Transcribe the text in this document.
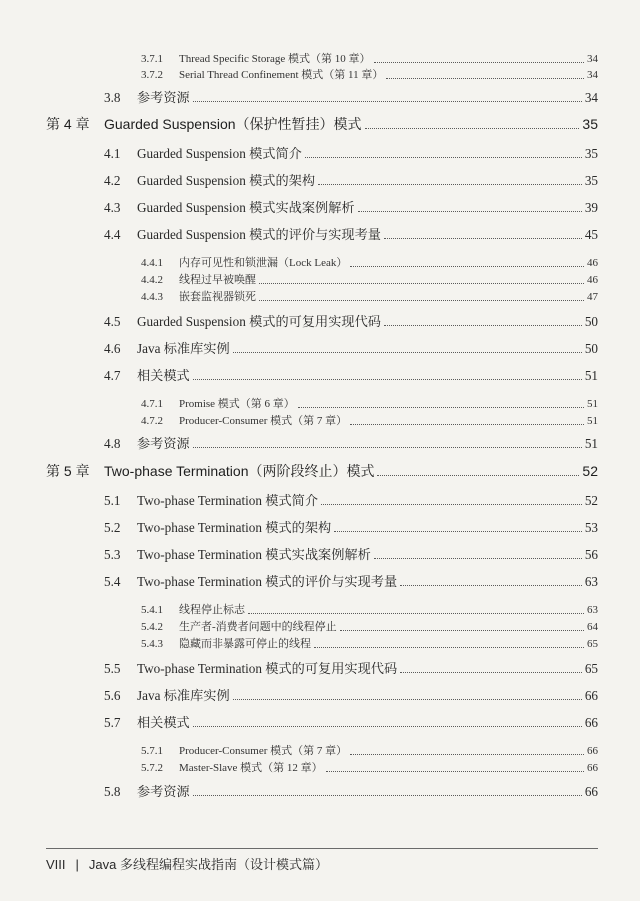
3.7.1	Thread Specific Storage 模式（第 10 章）	34
3.7.2	Serial Thread Confinement 模式（第 11 章）	34
3.8	参考资源	34
第 4 章	Guarded Suspension（保护性暂挂）模式	35
4.1	Guarded Suspension 模式简介	35
4.2	Guarded Suspension 模式的架构	35
4.3	Guarded Suspension 模式实战案例解析	39
4.4	Guarded Suspension 模式的评价与实现考量	45
4.4.1	内存可见性和锁泄漏（Lock Leak）	46
4.4.2	线程过早被唤醒	46
4.4.3	嵌套监视器锁死	47
4.5	Guarded Suspension 模式的可复用实现代码	50
4.6	Java 标准库实例	50
4.7	相关模式	51
4.7.1	Promise 模式（第 6 章）	51
4.7.2	Producer-Consumer 模式（第 7 章）	51
4.8	参考资源	51
第 5 章	Two-phase Termination（两阶段终止）模式	52
5.1	Two-phase Termination 模式简介	52
5.2	Two-phase Termination 模式的架构	53
5.3	Two-phase Termination 模式实战案例解析	56
5.4	Two-phase Termination 模式的评价与实现考量	63
5.4.1	线程停止标志	63
5.4.2	生产者-消费者问题中的线程停止	64
5.4.3	隐藏而非暴露可停止的线程	65
5.5	Two-phase Termination 模式的可复用实现代码	65
5.6	Java 标准库实例	66
5.7	相关模式	66
5.7.1	Producer-Consumer 模式（第 7 章）	66
5.7.2	Master-Slave 模式（第 12 章）	66
5.8	参考资源	66
VIII | Java 多线程编程实战指南（设计模式篇）
